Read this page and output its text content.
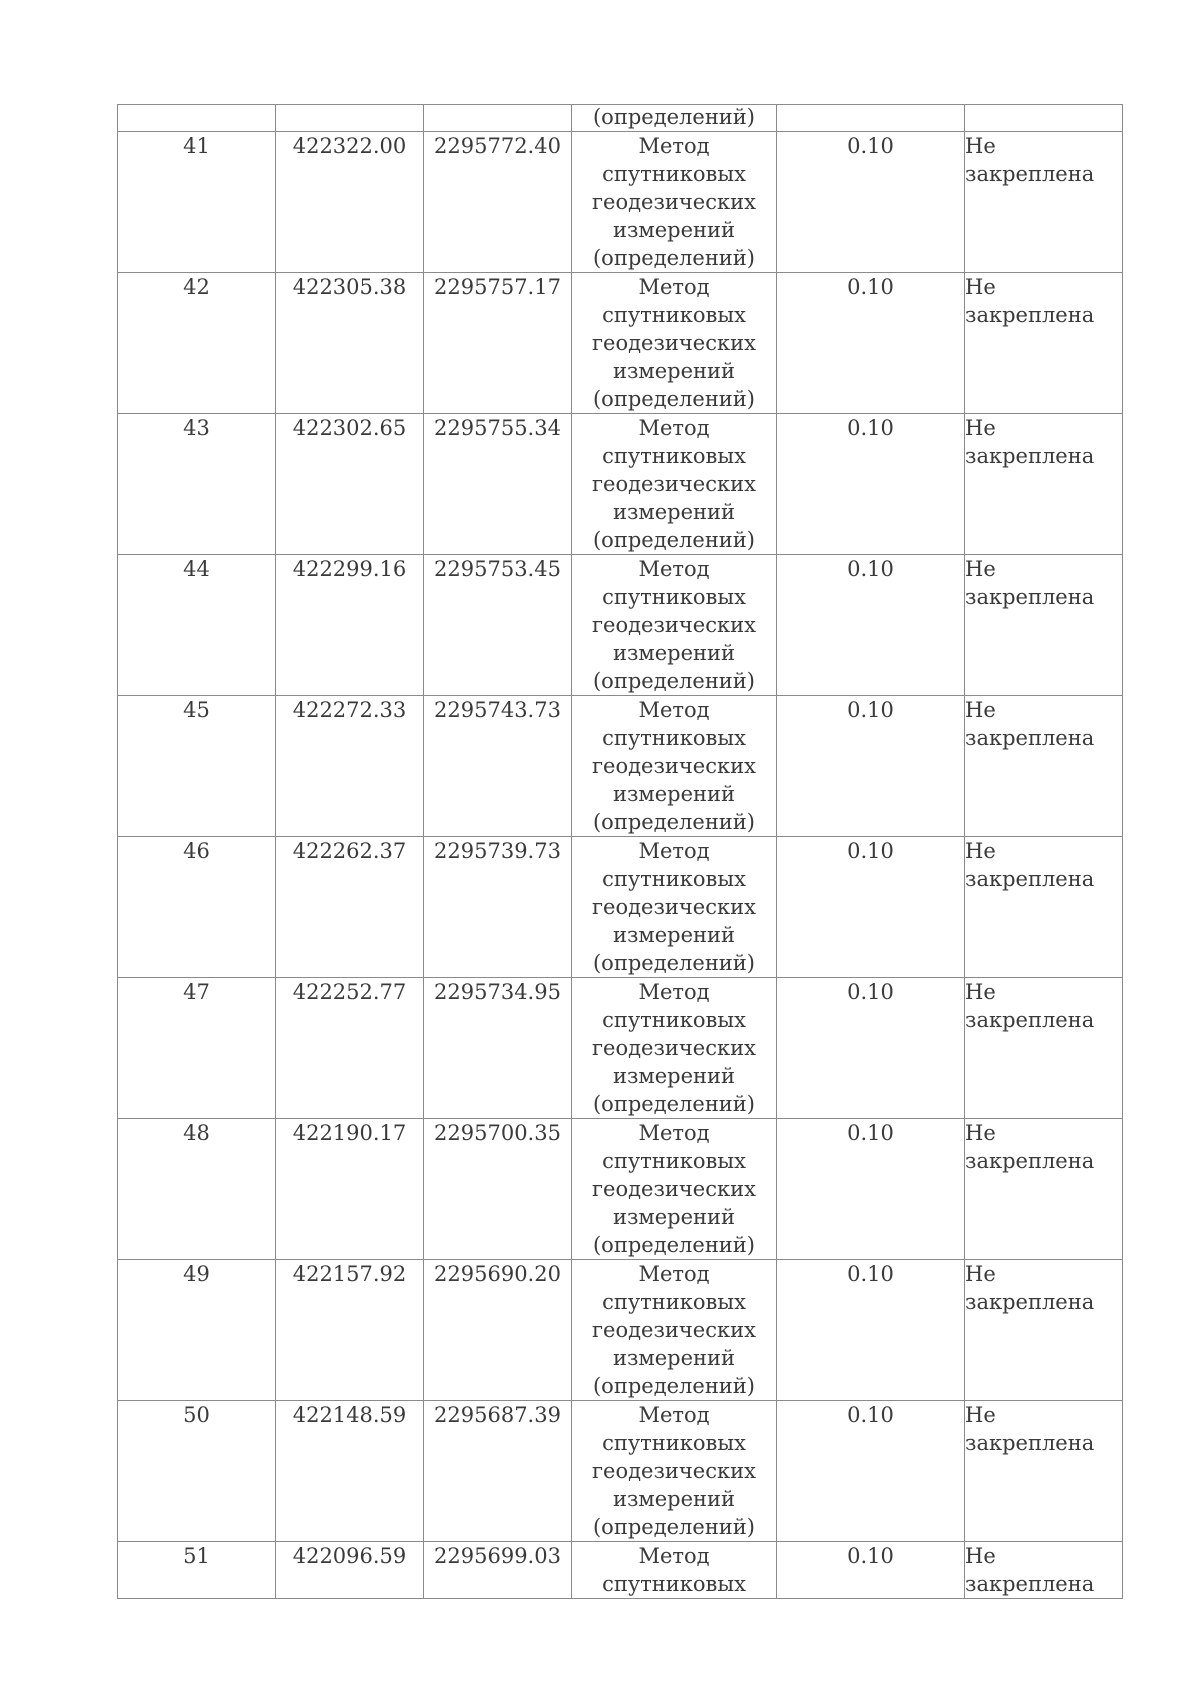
			(определений)		
41	422322.00	2295772.40	Метод
спутниковых
геодезических
измерений
(определений)	0.10	Не
закреплена

42	422305.38	2295757.17	Метод
спутниковых
геодезических
измерений
(определений)	0.10	Не
закреплена

43	422302.65	2295755.34	Метод
спутниковых
геодезических
измерений
(определений)	0.10	Не
закреплена

44	422299.16	2295753.45	Метод
спутниковых
геодезических
измерений
(определений)	0.10	Не
закреплена

45	422272.33	2295743.73	Метод
спутниковых
геодезических
измерений
(определений)	0.10	Не
закреплена

46	422262.37	2295739.73	Метод
спутниковых
геодезических
измерений
(определений)	0.10	Не
закреплена

47	422252.77	2295734.95	Метод
спутниковых
геодезических
измерений
(определений)	0.10	Не
закреплена

48	422190.17	2295700.35	Метод
спутниковых
геодезических
измерений
(определений)	0.10	Не
закреплена

49	422157.92	2295690.20	Метод
спутниковых
геодезических
измерений
(определений)	0.10	Не
закреплена

50	422148.59	2295687.39	Метод
спутниковых
геодезических
измерений
(определений)	0.10	Не
закреплена

51	422096.59	2295699.03	Метод
спутниковых	0.10	Не
закреплена
